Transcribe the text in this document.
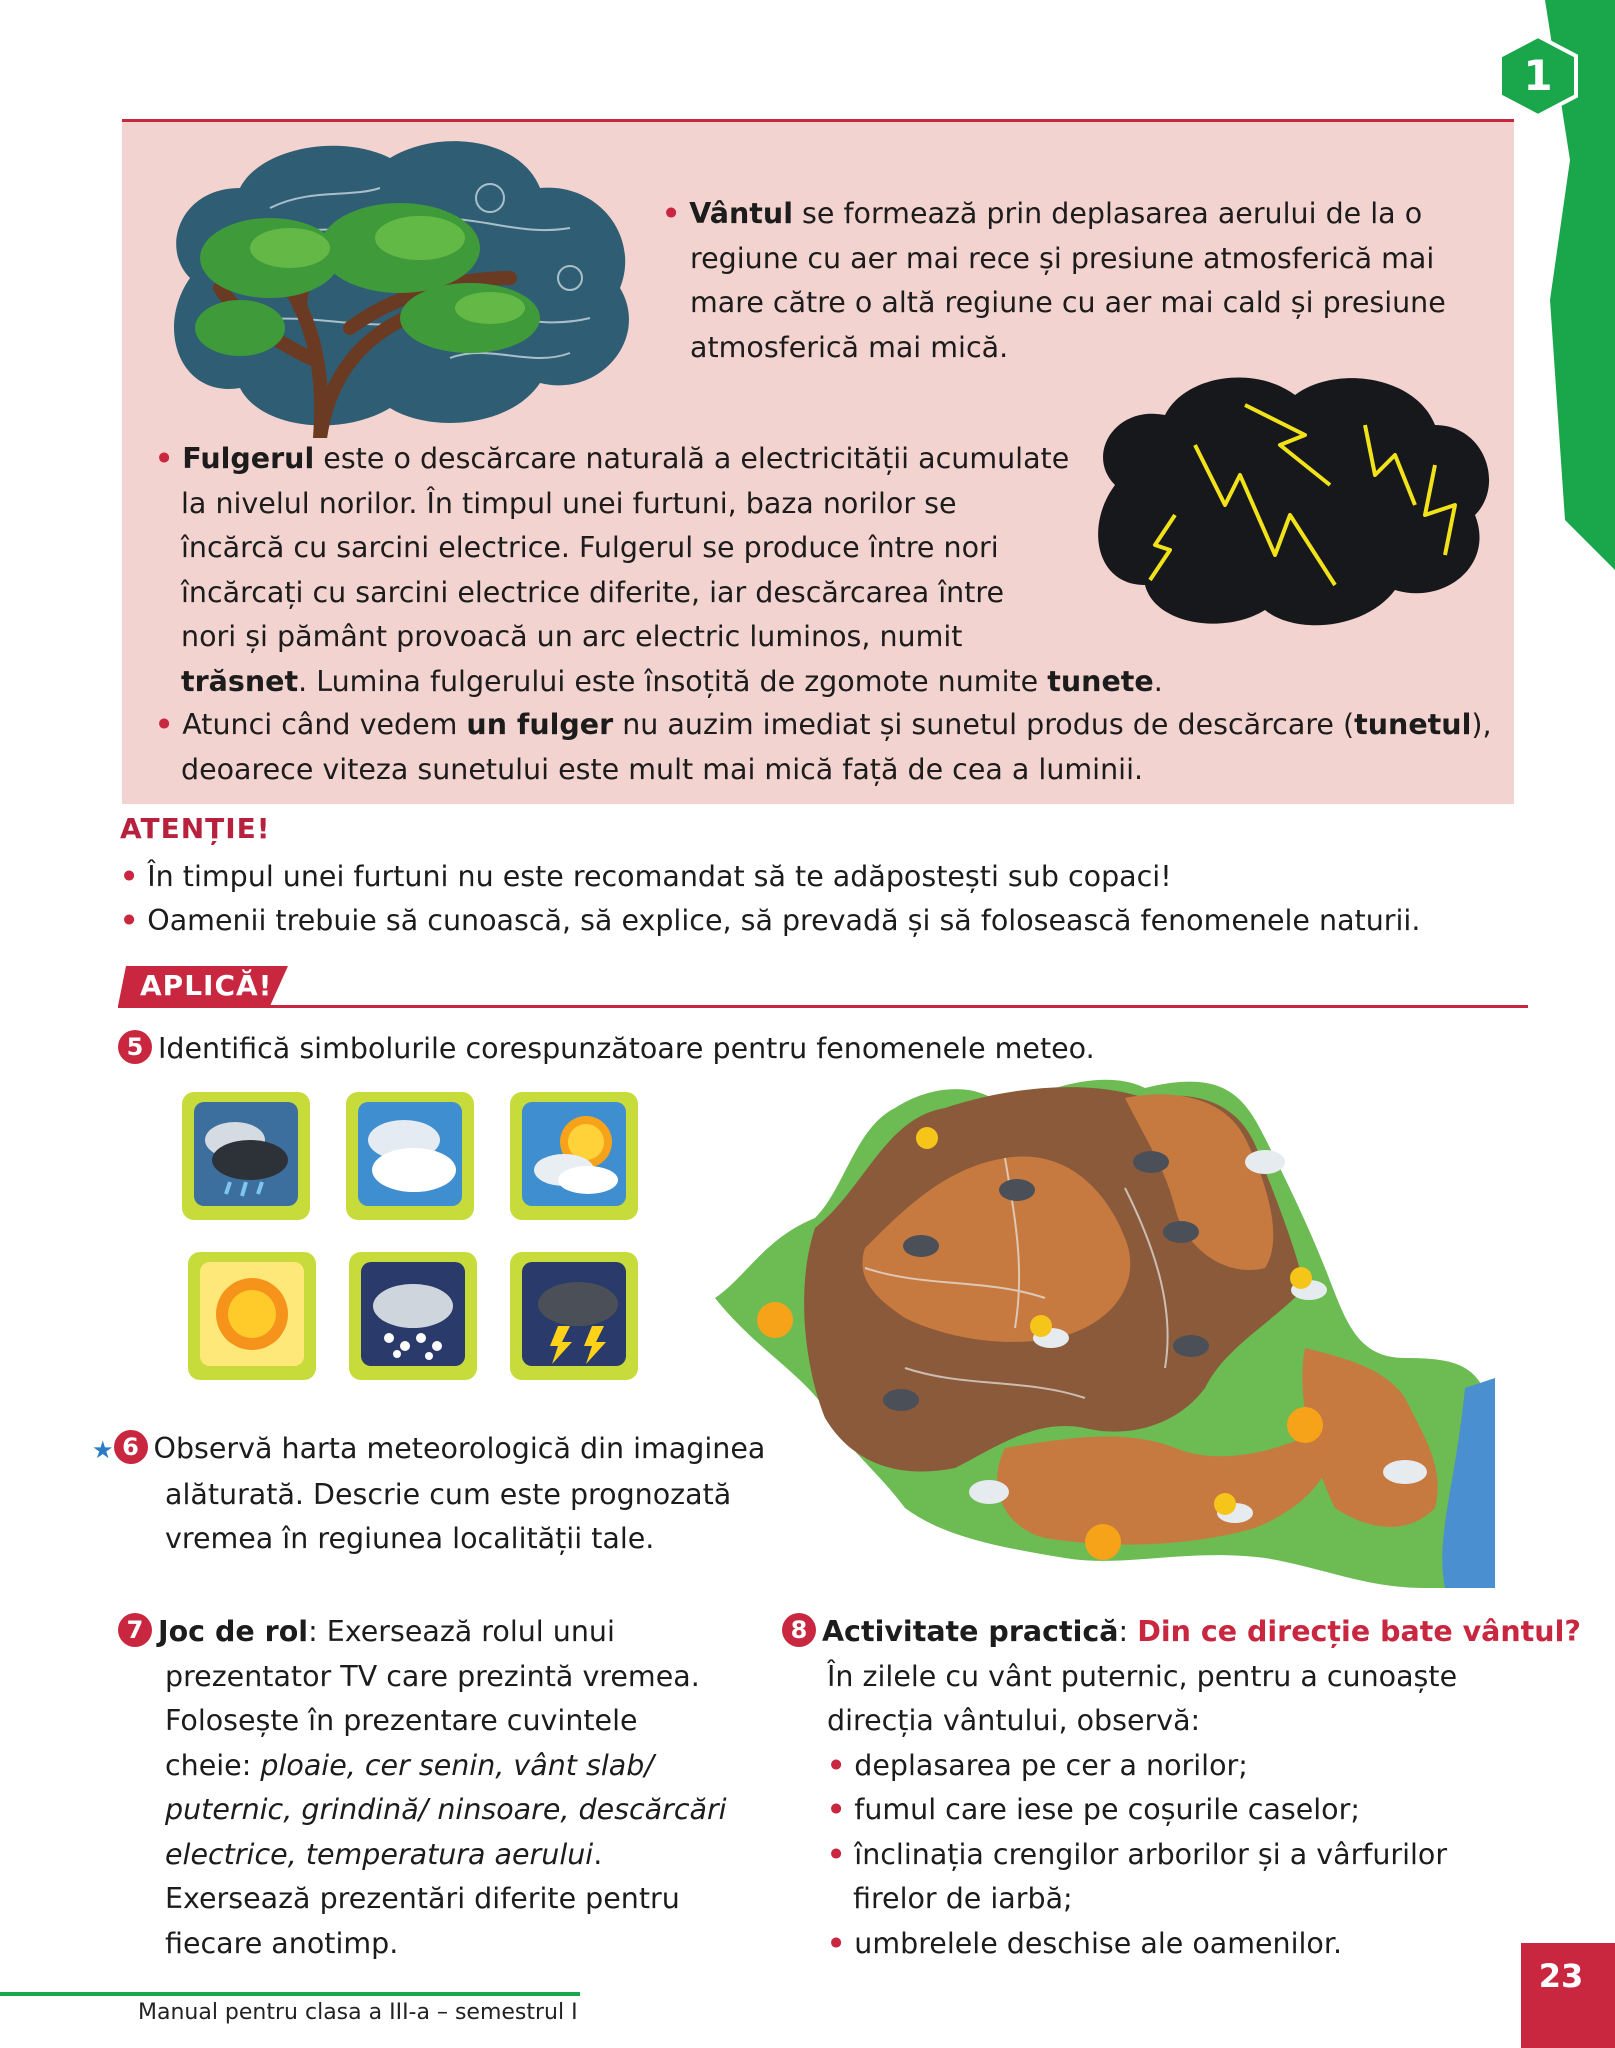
1
• Vântul se formează prin deplasarea aerului de la o
regiune cu aer mai rece și presiune atmosferică mai
mare către o altă regiune cu aer mai cald și presiune
atmosferică mai mică.
• Fulgerul este o descărcare naturală a electricității acumulate
la nivelul norilor. În timpul unei furtuni, baza norilor se
încărcă cu sarcini electrice. Fulgerul se produce între nori
încărcați cu sarcini electrice diferite, iar descărcarea între
nori și pământ provoacă un arc electric luminos, numit
trăsnet. Lumina fulgerului este însoțită de zgomote numite tunete.
• Atunci când vedem un fulger nu auzim imediat și sunetul produs de descărcare (tunetul),
deoarece viteza sunetului este mult mai mică față de cea a luminii.
ATENȚIE!
• În timpul unei furtuni nu este recomandat să te adăpostești sub copaci!
• Oamenii trebuie să cunoască, să explice, să prevadă și să folosească fenomenele naturii.
APLICĂ!
5 Identifică simbolurile corespunzătoare pentru fenomenele meteo.
★ 6 Observă harta meteorologică din imaginea
alăturată. Descrie cum este prognozată
vremea în regiunea localității tale.
7 Joc de rol: Exersează rolul unui
prezentator TV care prezintă vremea.
Folosește în prezentare cuvintele
cheie: ploaie, cer senin, vânt slab/
puternic, grindină/ ninsoare, descărcări
electrice, temperatura aerului.
Exersează prezentări diferite pentru
fiecare anotimp.
8 Activitate practică: Din ce direcție bate vântul?
În zilele cu vânt puternic, pentru a cunoaște
direcția vântului, observă:
• deplasarea pe cer a norilor;
• fumul care iese pe coșurile caselor;
• înclinația crengilor arborilor și a vârfurilor
firelor de iarbă;
• umbrelele deschise ale oamenilor.
Manual pentru clasa a III-a – semestrul I
23
